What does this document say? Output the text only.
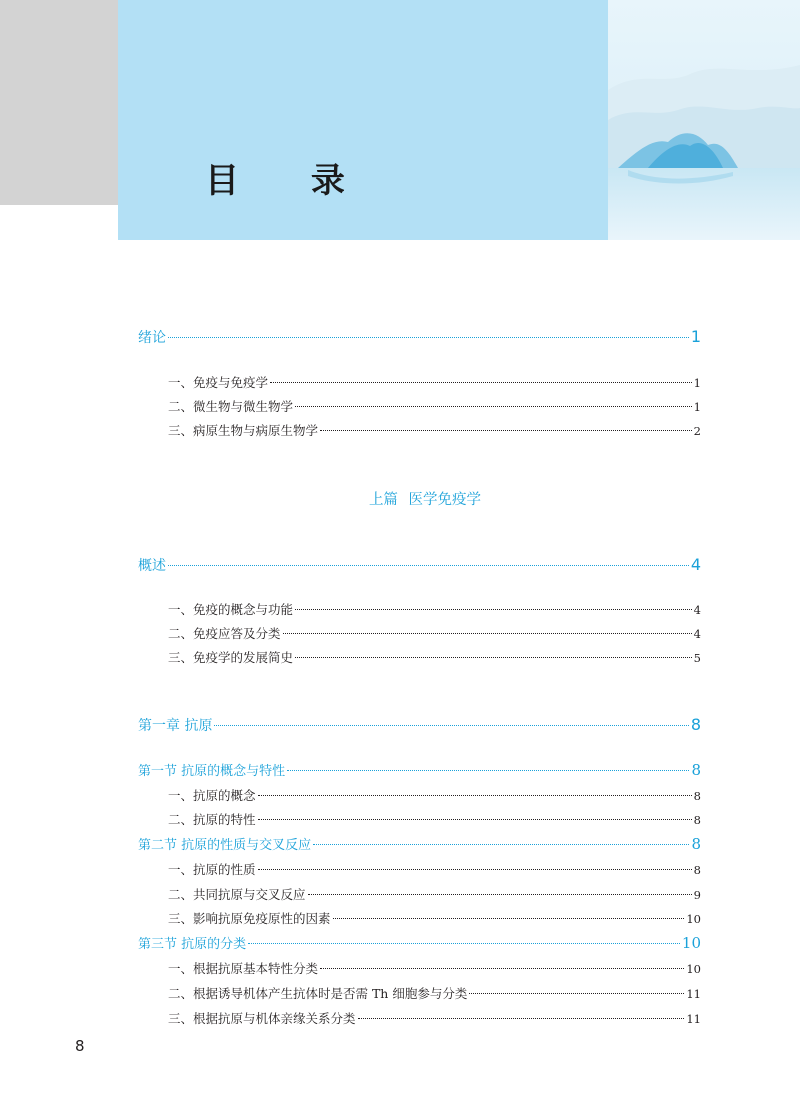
目 录
绪论	1
一、免疫与免疫学	1
二、微生物与微生物学	1
三、病原生物与病原生物学	2
概述	4
一、免疫的概念与功能	4
二、免疫应答及分类	4
三、免疫学的发展简史	5
第一章 抗原	8
第一节 抗原的概念与特性	8
一、抗原的概念	8
二、抗原的特性	8
第二节 抗原的性质与交叉反应	8
一、抗原的性质	8
二、共同抗原与交叉反应	9
三、影响抗原免疫原性的因素	10
第三节 抗原的分类	10
一、根据抗原基本特性分类	10
二、根据诱导机体产生抗体时是否需 Th 细胞参与分类	11
三、根据抗原与机体亲缘关系分类	11
上篇 医学免疫学
8
